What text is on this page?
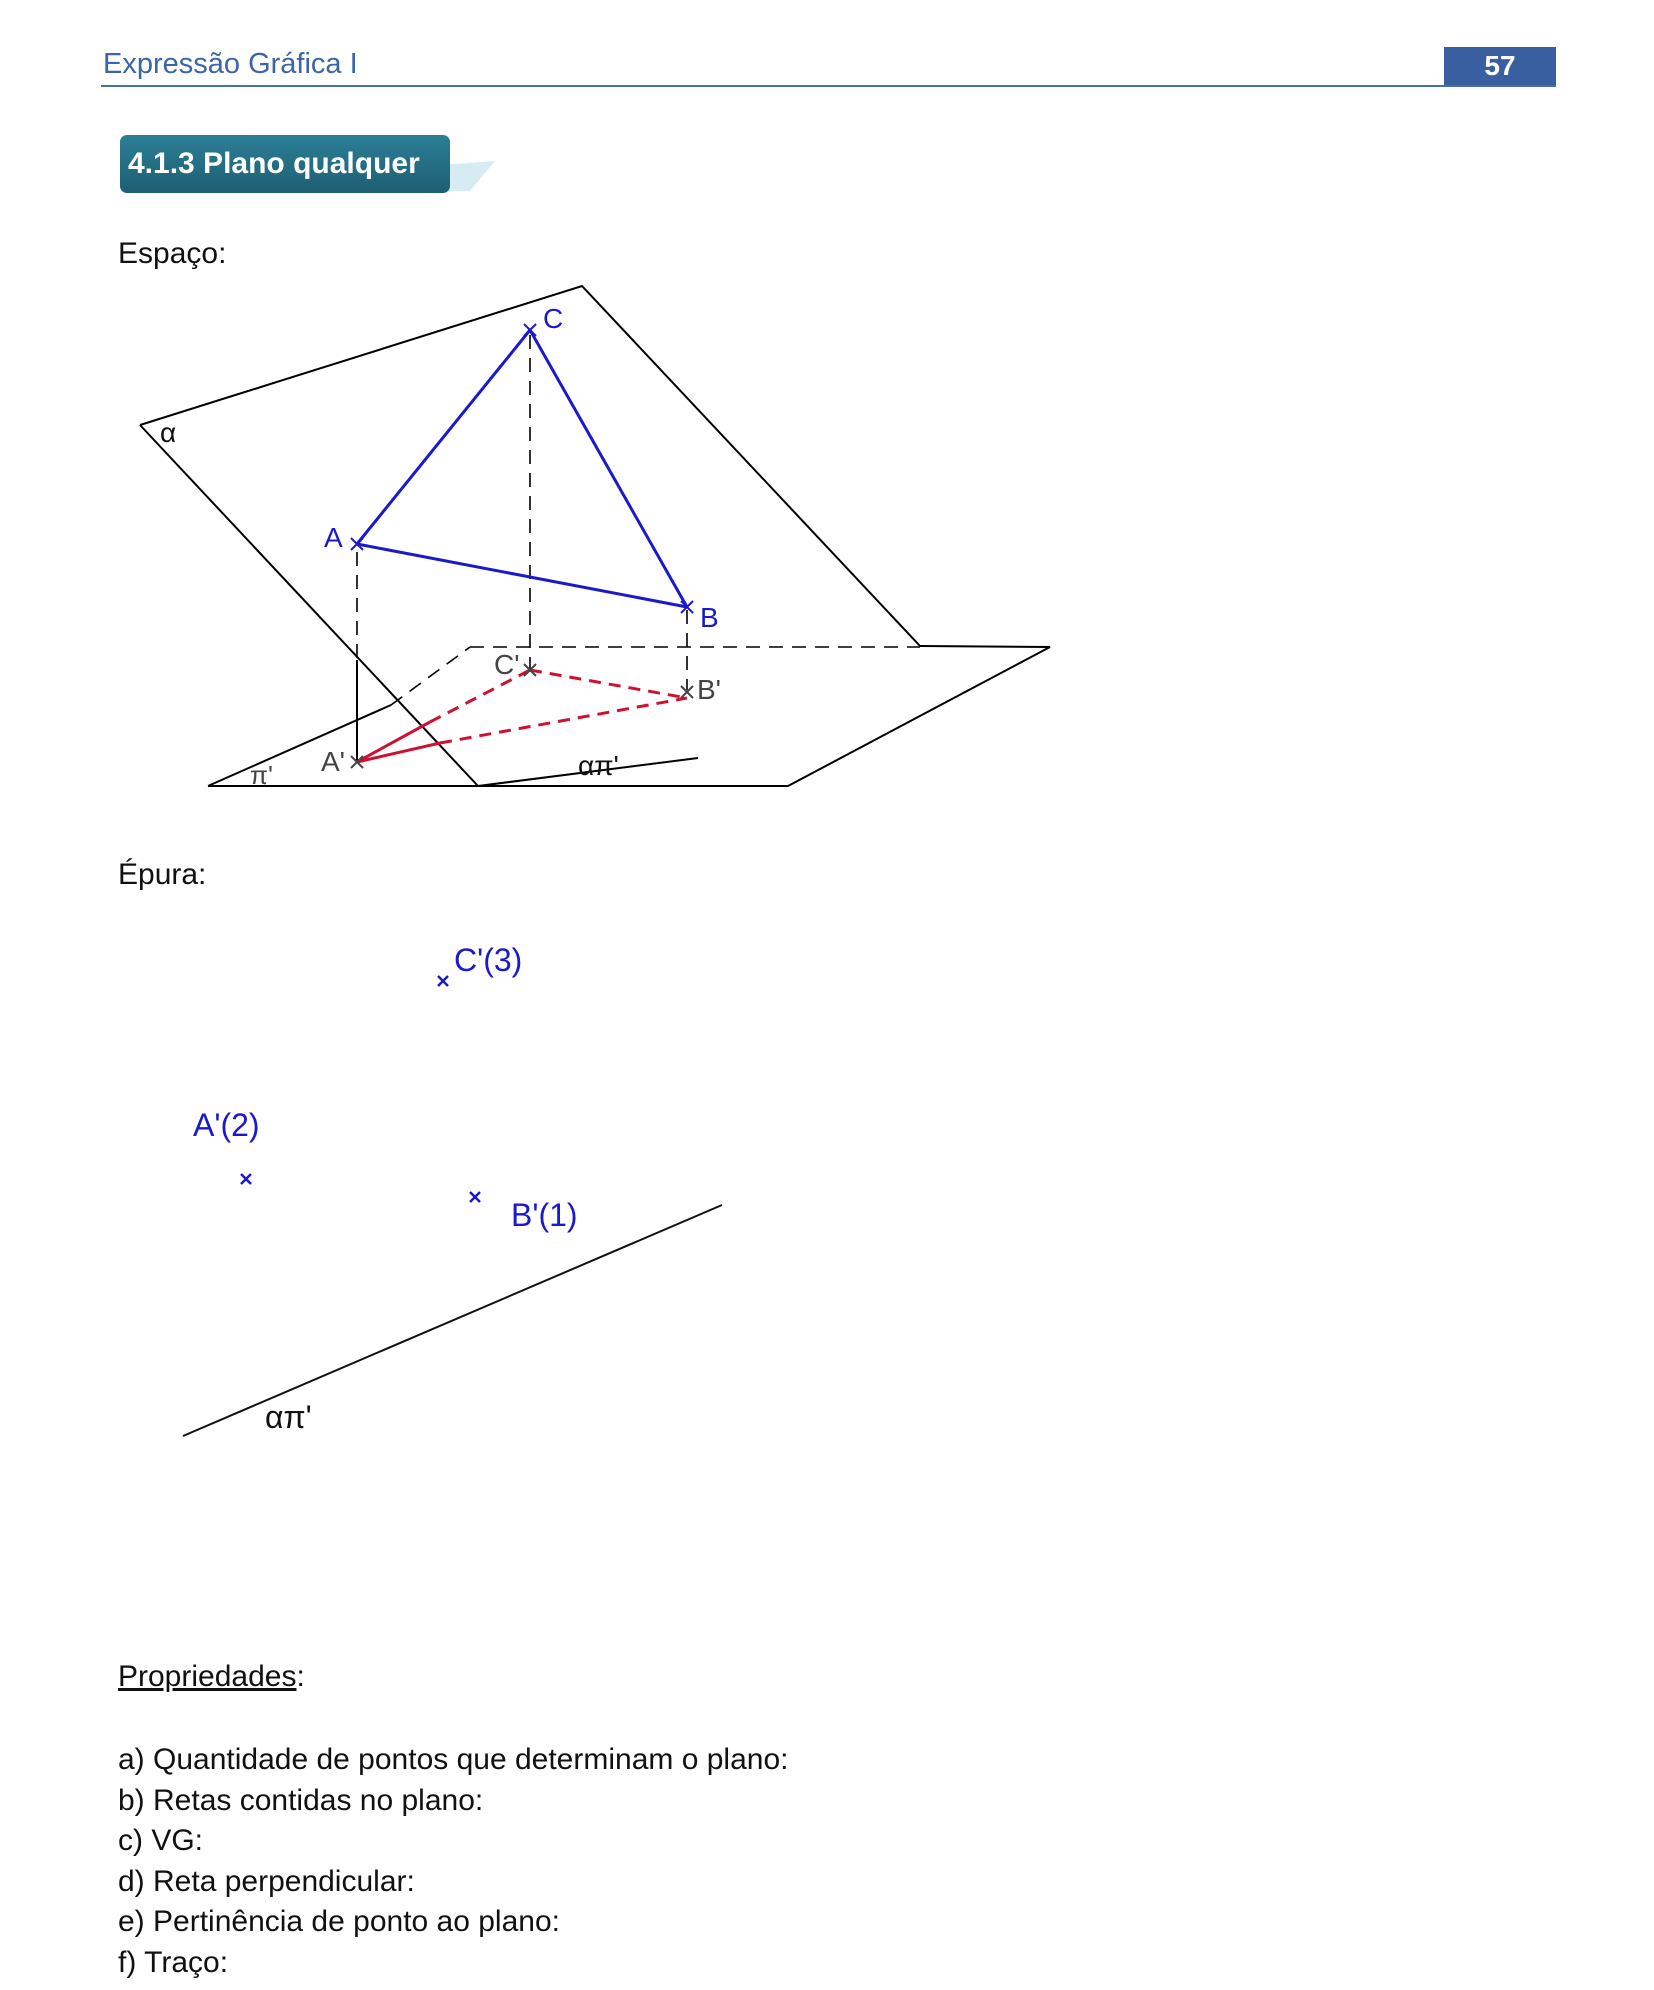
Expressão Gráfica I	57
4.1.3 Plano qualquer
Espaço:
Épura:
α
π'	απ'
A
B
C
A'
B'
C'
C'(3)
A'(2)
B'(1)
απ'
Propriedades:
a) Quantidade de pontos que determinam o plano:
b) Retas contidas no plano:
c) VG:
d) Reta perpendicular:
e) Pertinência de ponto ao plano:
f) Traço:
